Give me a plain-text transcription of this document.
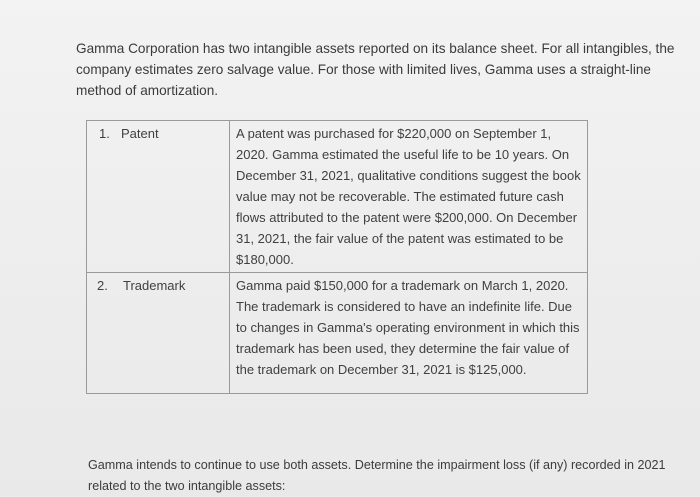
Gamma Corporation has two intangible assets reported on its balance sheet. For all intangibles, the company estimates zero salvage value. For those with limited lives, Gamma uses a straight-line method of amortization.

1. Patent	A patent was purchased for $220,000 on September 1, 2020. Gamma estimated the useful life to be 10 years. On December 31, 2021, qualitative conditions suggest the book value may not be recoverable. The estimated future cash flows attributed to the patent were $200,000. On December 31, 2021, the fair value of the patent was estimated to be $180,000.
2. Trademark	Gamma paid $150,000 for a trademark on March 1, 2020. The trademark is considered to have an indefinite life. Due to changes in Gamma's operating environment in which this trademark has been used, they determine the fair value of the trademark on December 31, 2021 is $125,000.

Gamma intends to continue to use both assets. Determine the impairment loss (if any) recorded in 2021 related to the two intangible assets:
